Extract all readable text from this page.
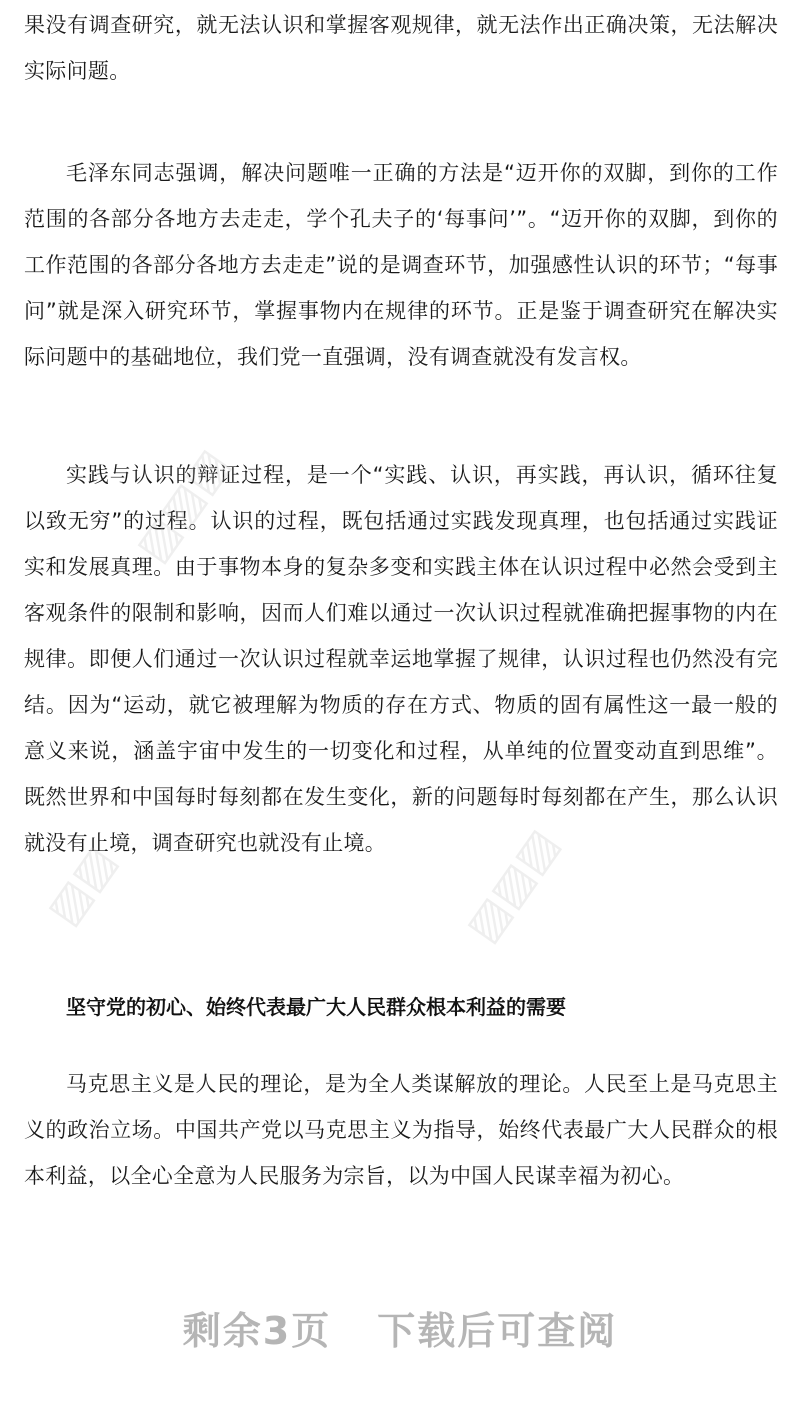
果没有调查研究，就无法认识和掌握客观规律，就无法作出正确决策，无法解决实际问题。

毛泽东同志强调，解决问题唯一正确的方法是“迈开你的双脚，到你的工作范围的各部分各地方去走走，学个孔夫子的‘每事问’”。“迈开你的双脚，到你的工作范围的各部分各地方去走走”说的是调查环节，加强感性认识的环节；“每事问”就是深入研究环节，掌握事物内在规律的环节。正是鉴于调查研究在解决实际问题中的基础地位，我们党一直强调，没有调查就没有发言权。

实践与认识的辩证过程，是一个“实践、认识，再实践，再认识，循环往复以致无穷”的过程。认识的过程，既包括通过实践发现真理，也包括通过实践证实和发展真理。由于事物本身的复杂多变和实践主体在认识过程中必然会受到主客观条件的限制和影响，因而人们难以通过一次认识过程就准确把握事物的内在规律。即便人们通过一次认识过程就幸运地掌握了规律，认识过程也仍然没有完结。因为“运动，就它被理解为物质的存在方式、物质的固有属性这一最一般的意义来说，涵盖宇宙中发生的一切变化和过程，从单纯的位置变动直到思维”。既然世界和中国每时每刻都在发生变化，新的问题每时每刻都在产生，那么认识就没有止境，调查研究也就没有止境。

坚守党的初心、始终代表最广大人民群众根本利益的需要

马克思主义是人民的理论，是为全人类谋解放的理论。人民至上是马克思主义的政治立场。中国共产党以马克思主义为指导，始终代表最广大人民群众的根本利益，以全心全意为人民服务为宗旨，以为中国人民谋幸福为初心。

剩余3页 下载后可查阅
▨▨▨
▨▨▨
▨▨
